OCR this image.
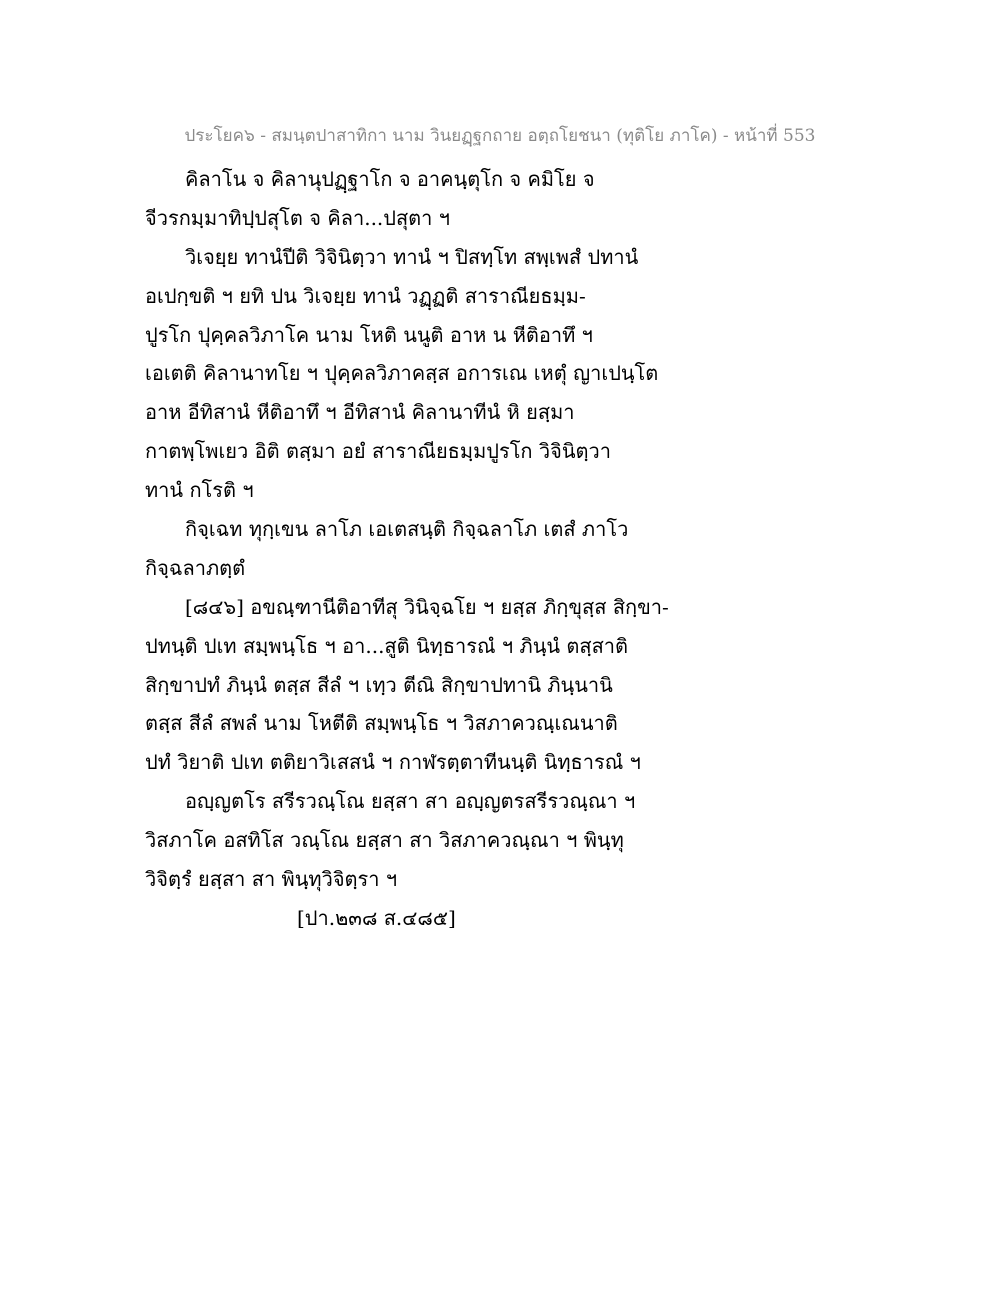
ประโยค๖ - สมนฺตปาสาทิกา นาม วินยฏฺฐกถาย อตฺถโยชนา (ทุติโย ภาโค) - หน้าที่ 553
คิลาโน จ คิลานุปฏฺฐาโก จ อาคนฺตุโก จ คมิโย จ
จีวรกมฺมาทิปฺปสุโต จ คิลา...ปสุตา ฯ
วิเจยฺย ทานํปีติ วิจินิตฺวา ทานํ ฯ ปิสทฺโท สพฺเพสํ ปทานํ
อเปกฺขติ ฯ ยทิ ปน วิเจยฺย ทานํ วฏฺฏติ สาราณียธมฺม-
ปูรโก ปุคฺคลวิภาโค นาม โหติ นนูติ อาห น หีติอาทึ ฯ
เอเตติ คิลานาทโย ฯ ปุคฺคลวิภาคสฺส อการเณ เหตุํ ญาเปนฺโต
อาห อีทิสานํ หีติอาทึ ฯ อีทิสานํ คิลานาทีนํ หิ ยสฺมา
กาตพฺโพเยว อิติ ตสฺมา อยํ สาราณียธมฺมปูรโก วิจินิตฺวา
ทานํ กโรติ ฯ
กิจฺเฉท ทุกฺเขน ลาโภ เอเตสนฺติ กิจฺฉลาโภ เตสํ ภาโว
กิจฺฉลาภตฺตํ
[๘๔๖] อขณฺฑานีติอาทีสุ วินิจฺฉโย ฯ ยสฺส ภิกฺขุสฺส สิกฺขา-
ปทนฺติ ปเท สมฺพนฺโธ ฯ อา...สูติ นิทฺธารณํ ฯ ภินฺนํ ตสฺสาติ
สิกฺขาปทํ ภินฺนํ ตสฺส สีลํ ฯ เทฺว ตีณิ สิกฺขาปทานิ ภินฺนานิ
ตสฺส สีลํ สพลํ นาม โหตีติ สมฺพนฺโธ ฯ วิสภาควณฺเณนาติ
ปทํ วิยาติ ปเท ตติยาวิเสสนํ ฯ กาฬรตฺตาทีนนฺติ นิทฺธารณํ ฯ
อญฺญตโร สรีรวณฺโณ ยสฺสา สา อญฺญตรสรีรวณฺณา ฯ
วิสภาโค อสทิโส วณฺโณ ยสฺสา สา วิสภาควณฺณา ฯ พินฺทุ
วิจิตฺรํ ยสฺสา สา พินฺทุวิจิตฺรา ฯ
[ปา.๒๓๘ ส.๔๘๕]
